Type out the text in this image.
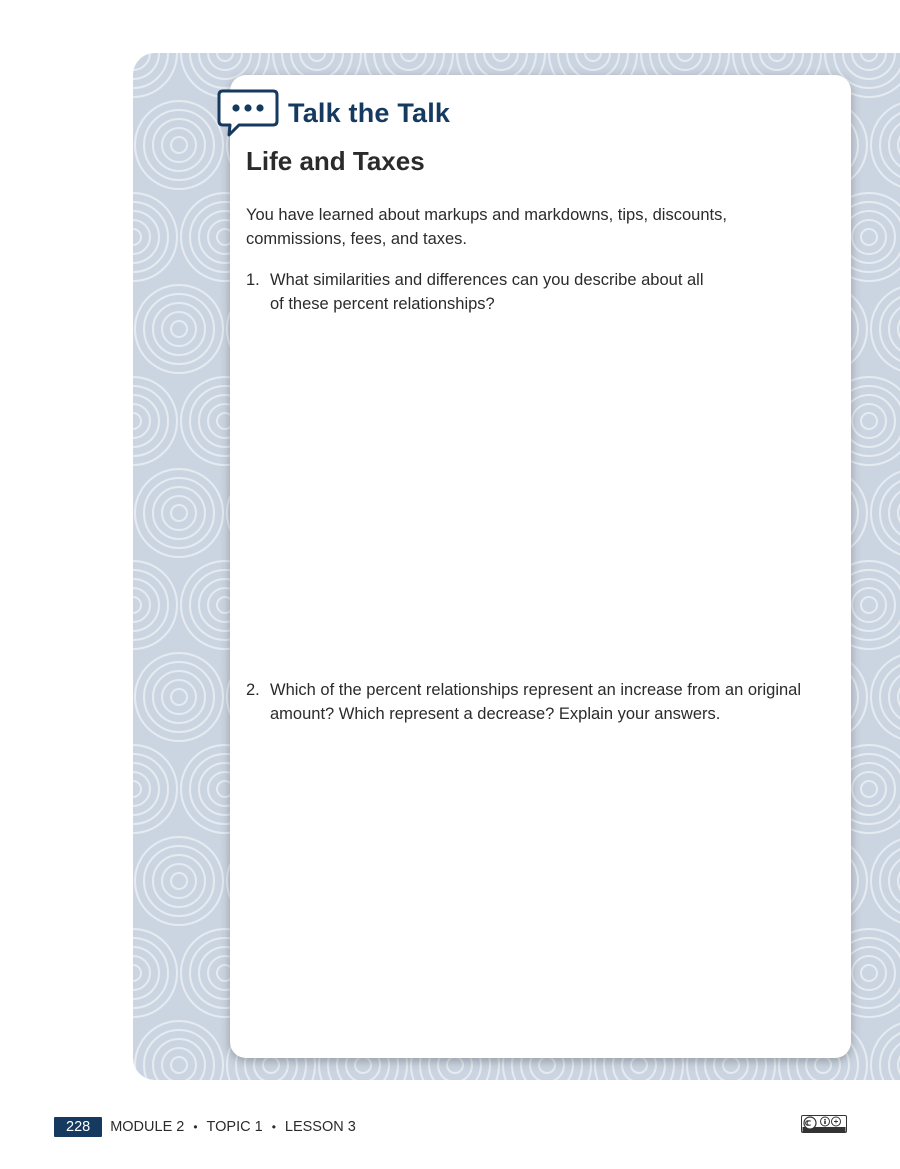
Talk the Talk
Life and Taxes

You have learned about markups and markdowns, tips, discounts, commissions, fees, and taxes.

1. What similarities and differences can you describe about all of these percent relationships?
2. Which of the percent relationships represent an increase from an original amount? Which represent a decrease? Explain your answers.
228	MODULE 2 • TOPIC 1 • LESSON 3
